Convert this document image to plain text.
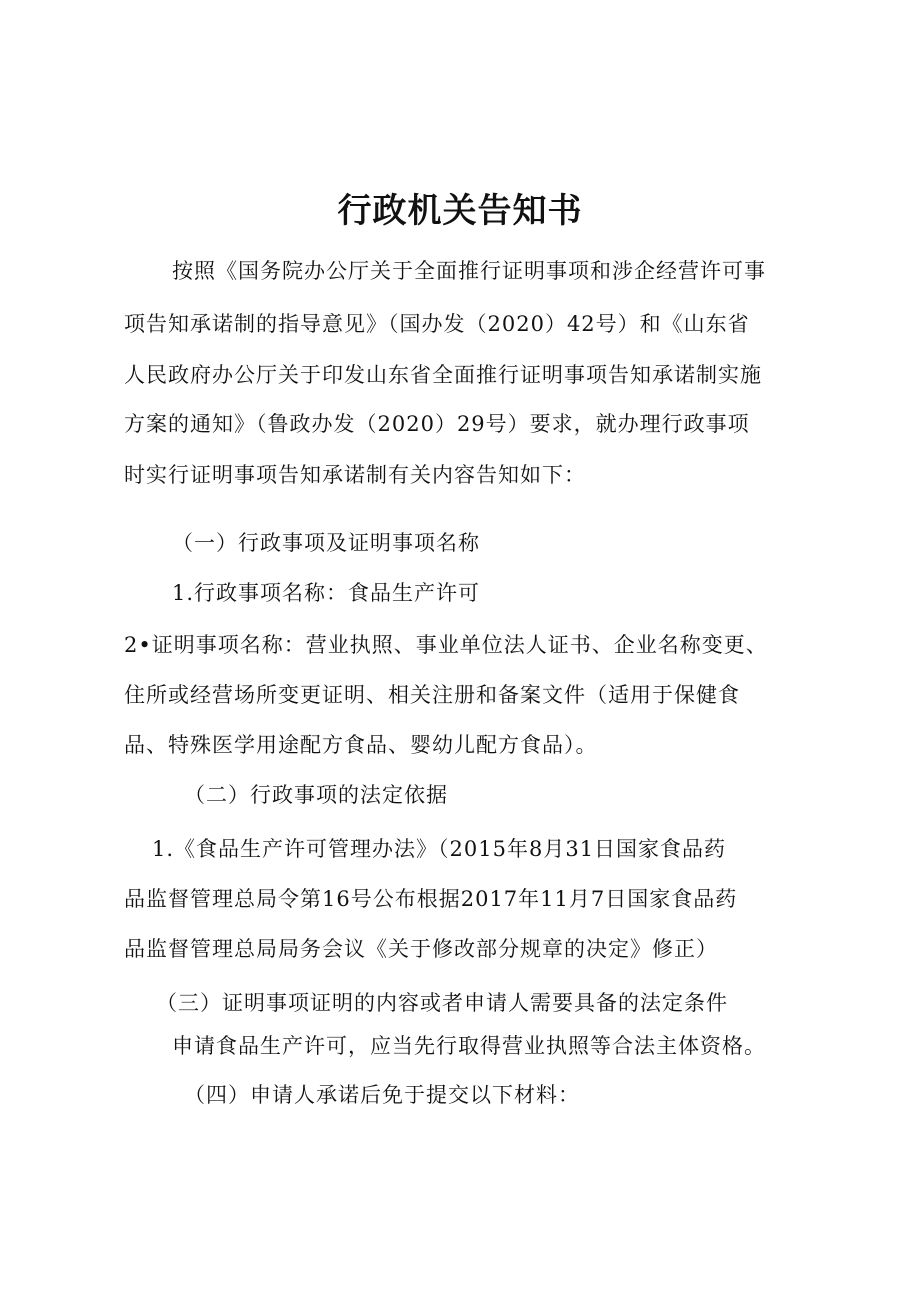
行政机关告知书

按照《国务院办公厅关于全面推行证明事项和涉企经营许可事

项告知承诺制的指导意见》（国办发（2020）42号）和《山东省

人民政府办公厅关于印发山东省全面推行证明事项告知承诺制实施

方案的通知》（鲁政办发（2020）29号）要求，就办理行政事项

时实行证明事项告知承诺制有关内容告知如下：

（一）行政事项及证明事项名称

1.行政事项名称：食品生产许可

2•证明事项名称：营业执照、事业单位法人证书、企业名称变更、

住所或经营场所变更证明、相关注册和备案文件（适用于保健食

品、特殊医学用途配方食品、婴幼儿配方食品）。

（二）行政事项的法定依据

1.《食品生产许可管理办法》（2015年8月31日国家食品药

品监督管理总局令第16号公布根据2017年11月7日国家食品药

品监督管理总局局务会议《关于修改部分规章的决定》修正）

（三）证明事项证明的内容或者申请人需要具备的法定条件

申请食品生产许可，应当先行取得营业执照等合法主体资格。

（四）申请人承诺后免于提交以下材料：
